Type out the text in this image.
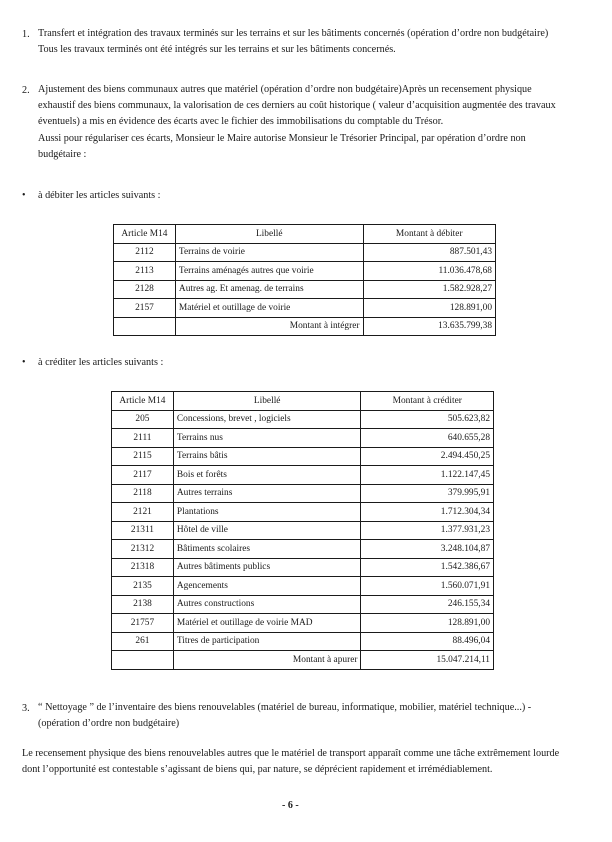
1. Transfert et intégration des travaux terminés sur les terrains et sur les bâtiments concernés (opération d’ordre non budgétaire)
Tous les travaux terminés ont été intégrés sur les terrains et sur les bâtiments concernés.
2. Ajustement des biens communaux autres que matériel (opération d’ordre non budgétaire)Après un recensement physique
exhaustif des biens communaux, la valorisation de ces derniers au coût historique ( valeur d’acquisition augmentée des travaux
éventuels) a mis en évidence des écarts avec le fichier des immobilisations du comptable du Trésor.
Aussi pour régulariser ces écarts, Monsieur le Maire autorise Monsieur le Trésorier Principal, par opération d’ordre non
budgétaire :
• à débiter les articles suivants :
Article M14	Libellé	Montant à débiter
2112	Terrains de voirie	887.501,43
2113	Terrains aménagés autres que voirie	11.036.478,68
2128	Autres ag. Et amenag. de terrains	1.582.928,27
2157	Matériel et outillage de voirie	128.891,00
	Montant à intégrer	13.635.799,38
• à créditer les articles suivants :
Article M14	Libellé	Montant à créditer
205	Concessions, brevet , logiciels	505.623,82
2111	Terrains nus	640.655,28
2115	Terrains bâtis	2.494.450,25
2117	Bois et forêts	1.122.147,45
2118	Autres terrains	379.995,91
2121	Plantations	1.712.304,34
21311	Hôtel de ville	1.377.931,23
21312	Bâtiments scolaires	3.248.104,87
21318	Autres bâtiments publics	1.542.386,67
2135	Agencements	1.560.071,91
2138	Autres constructions	246.155,34
21757	Matériel et outillage de voirie MAD	128.891,00
261	Titres de participation	88.496,04
	Montant à apurer	15.047.214,11
3. “ Nettoyage ” de l’inventaire des biens renouvelables (matériel de bureau, informatique, mobilier, matériel technique...) -
(opération d’ordre non budgétaire)
Le recensement physique des biens renouvelables autres que le matériel de transport apparaît comme une tâche extrêmement lourde
dont l’opportunité est contestable s’agissant de biens qui, par nature, se déprécient rapidement et irrémédiablement.
- 6 -
